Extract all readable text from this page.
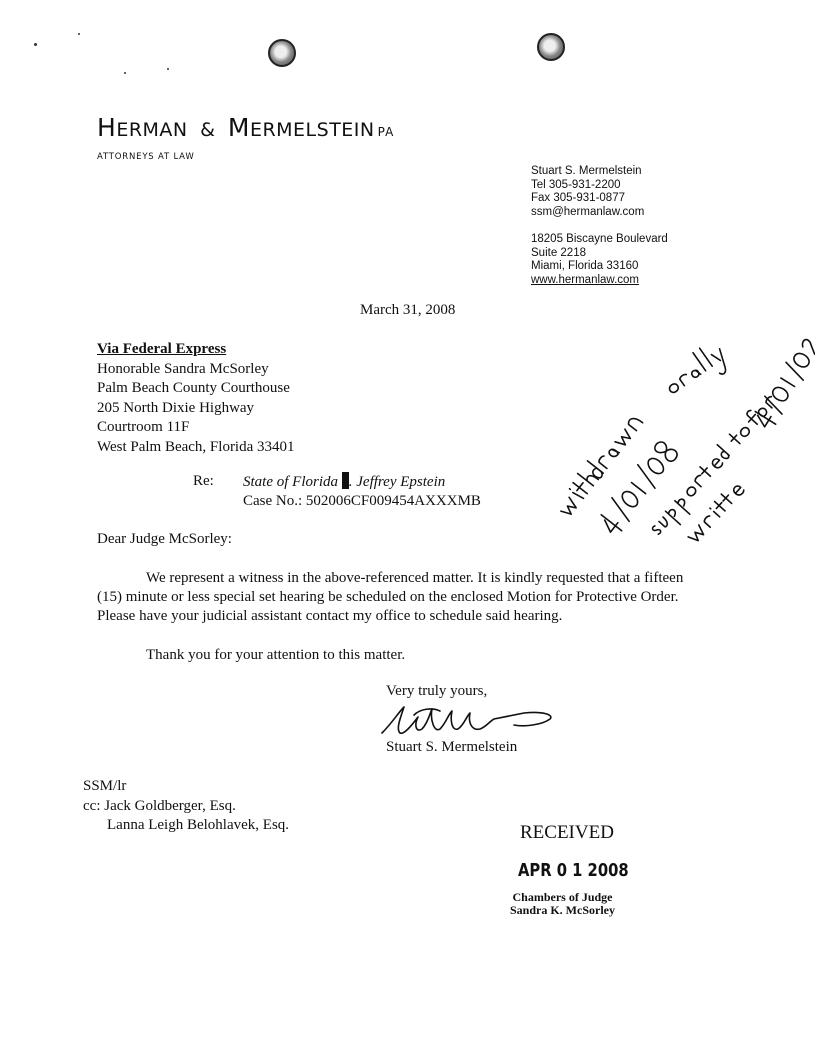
HERMAN & MERMELSTEIN PA
ATTORNEYS AT LAW
Stuart S. Mermelstein
Tel 305-931-2200
Fax 305-931-0877
ssm@hermanlaw.com
18205 Biscayne Boulevard
Suite 2218
Miami, Florida 33160
www.hermanlaw.com
March 31, 2008
Via Federal Express
Honorable Sandra McSorley
Palm Beach County Courthouse
205 North Dixie Highway
Courtroom 11F
West Palm Beach, Florida 33401
Re: State of Florida . Jeffrey Epstein
Case No.: 502006CF009454AXXXMB
Dear Judge McSorley:
We represent a witness in the above-referenced matter. It is kindly requested that a fifteen
(15) minute or less special set hearing be scheduled on the enclosed Motion for Protective Order.
Please have your judicial assistant contact my office to schedule said hearing.
Thank you for your attention to this matter.
Very truly yours,
Stuart S. Mermelstein
SSM/lr
cc: Jack Goldberger, Esq.
Lanna Leigh Belohlavek, Esq.	RECEIVED
APR 0 1 2008
Chambers of Judge
Sandra K. McSorley
